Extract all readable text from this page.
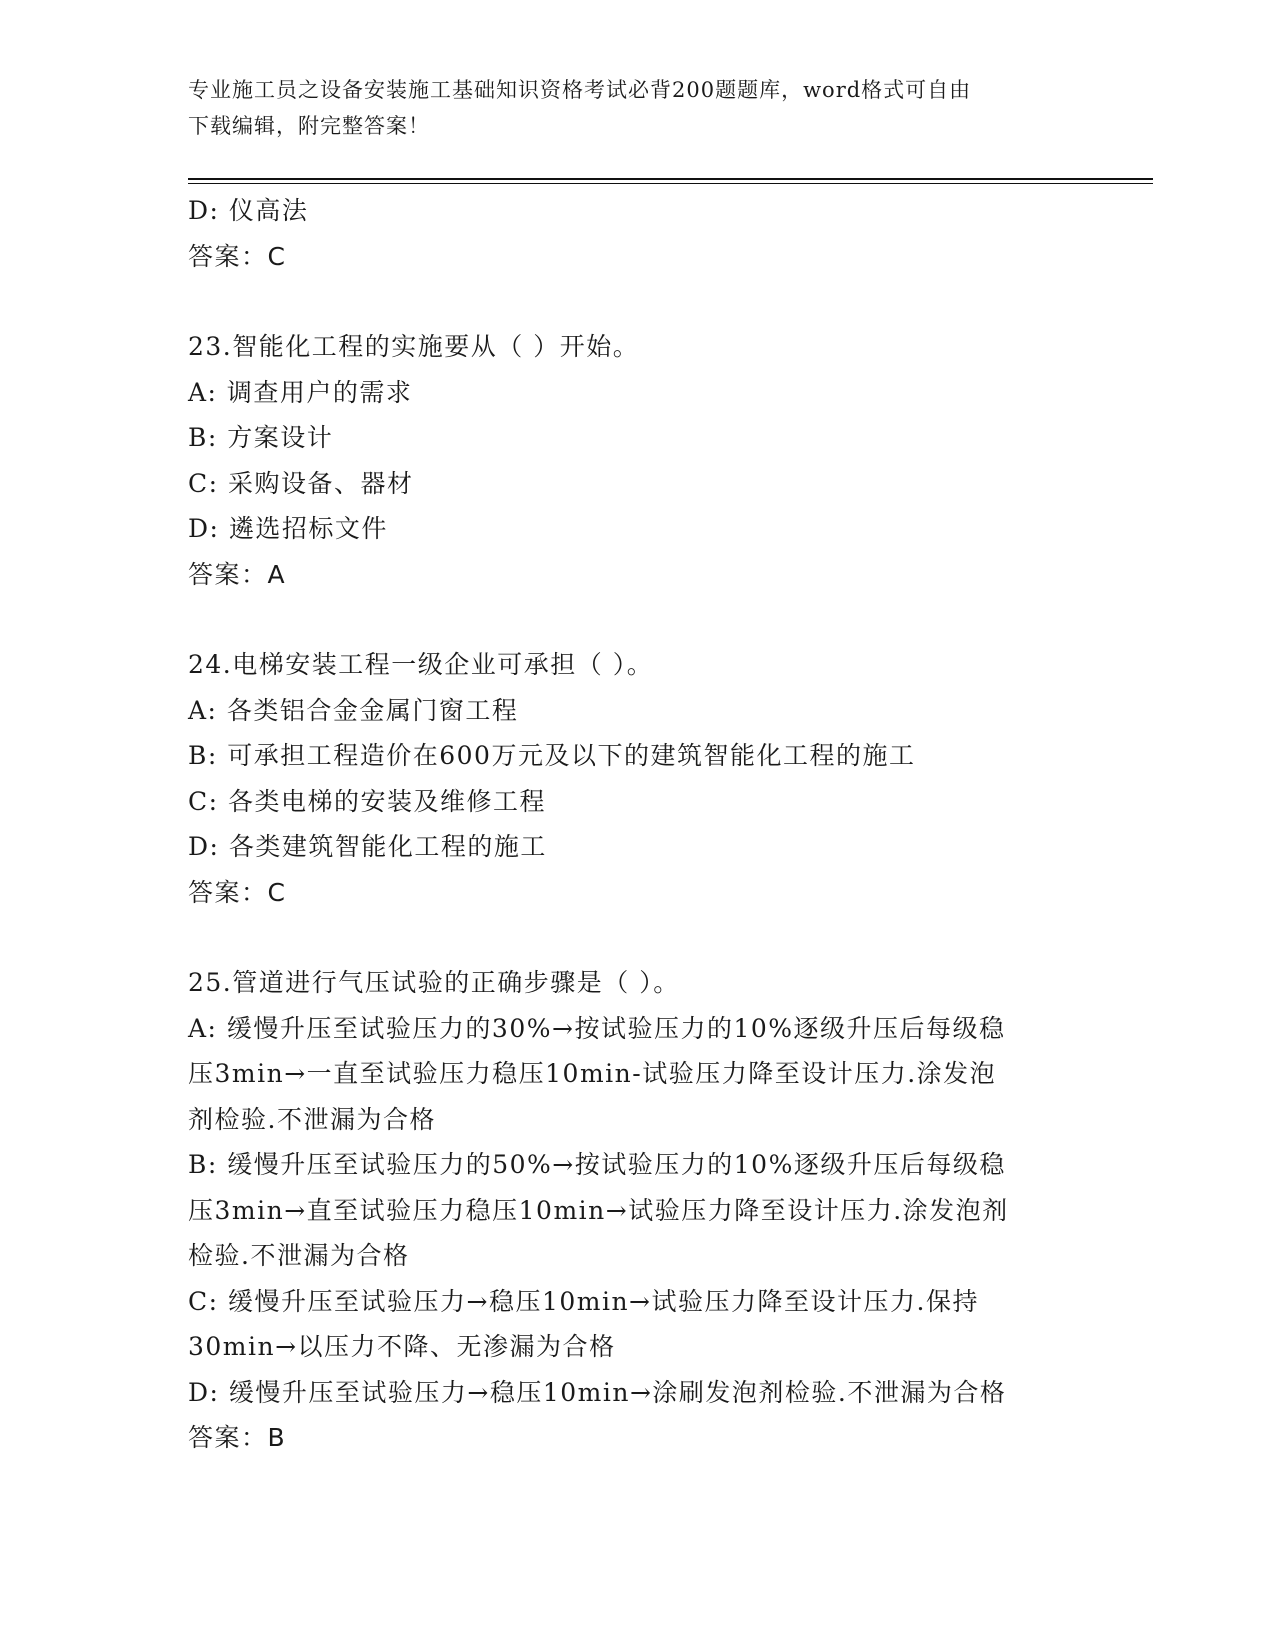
专业施工员之设备安装施工基础知识资格考试必背200题题库，word格式可自由
下载编辑，附完整答案！
D: 仪高法
答案：C
23.智能化工程的实施要从（ ）开始。
A: 调查用户的需求
B: 方案设计
C: 采购设备、器材
D: 遴选招标文件
答案：A
24.电梯安装工程一级企业可承担（ ）。
A: 各类铝合金金属门窗工程
B: 可承担工程造价在600万元及以下的建筑智能化工程的施工
C: 各类电梯的安装及维修工程
D: 各类建筑智能化工程的施工
答案：C
25.管道进行气压试验的正确步骤是（ ）。
A: 缓慢升压至试验压力的30%→按试验压力的10%逐级升压后每级稳
压3min→一直至试验压力稳压10min-试验压力降至设计压力.涂发泡
剂检验.不泄漏为合格
B: 缓慢升压至试验压力的50%→按试验压力的10%逐级升压后每级稳
压3min→直至试验压力稳压10min→试验压力降至设计压力.涂发泡剂
检验.不泄漏为合格
C: 缓慢升压至试验压力→稳压10min→试验压力降至设计压力.保持
30min→以压力不降、无渗漏为合格
D: 缓慢升压至试验压力→稳压10min→涂刷发泡剂检验.不泄漏为合格
答案：B
